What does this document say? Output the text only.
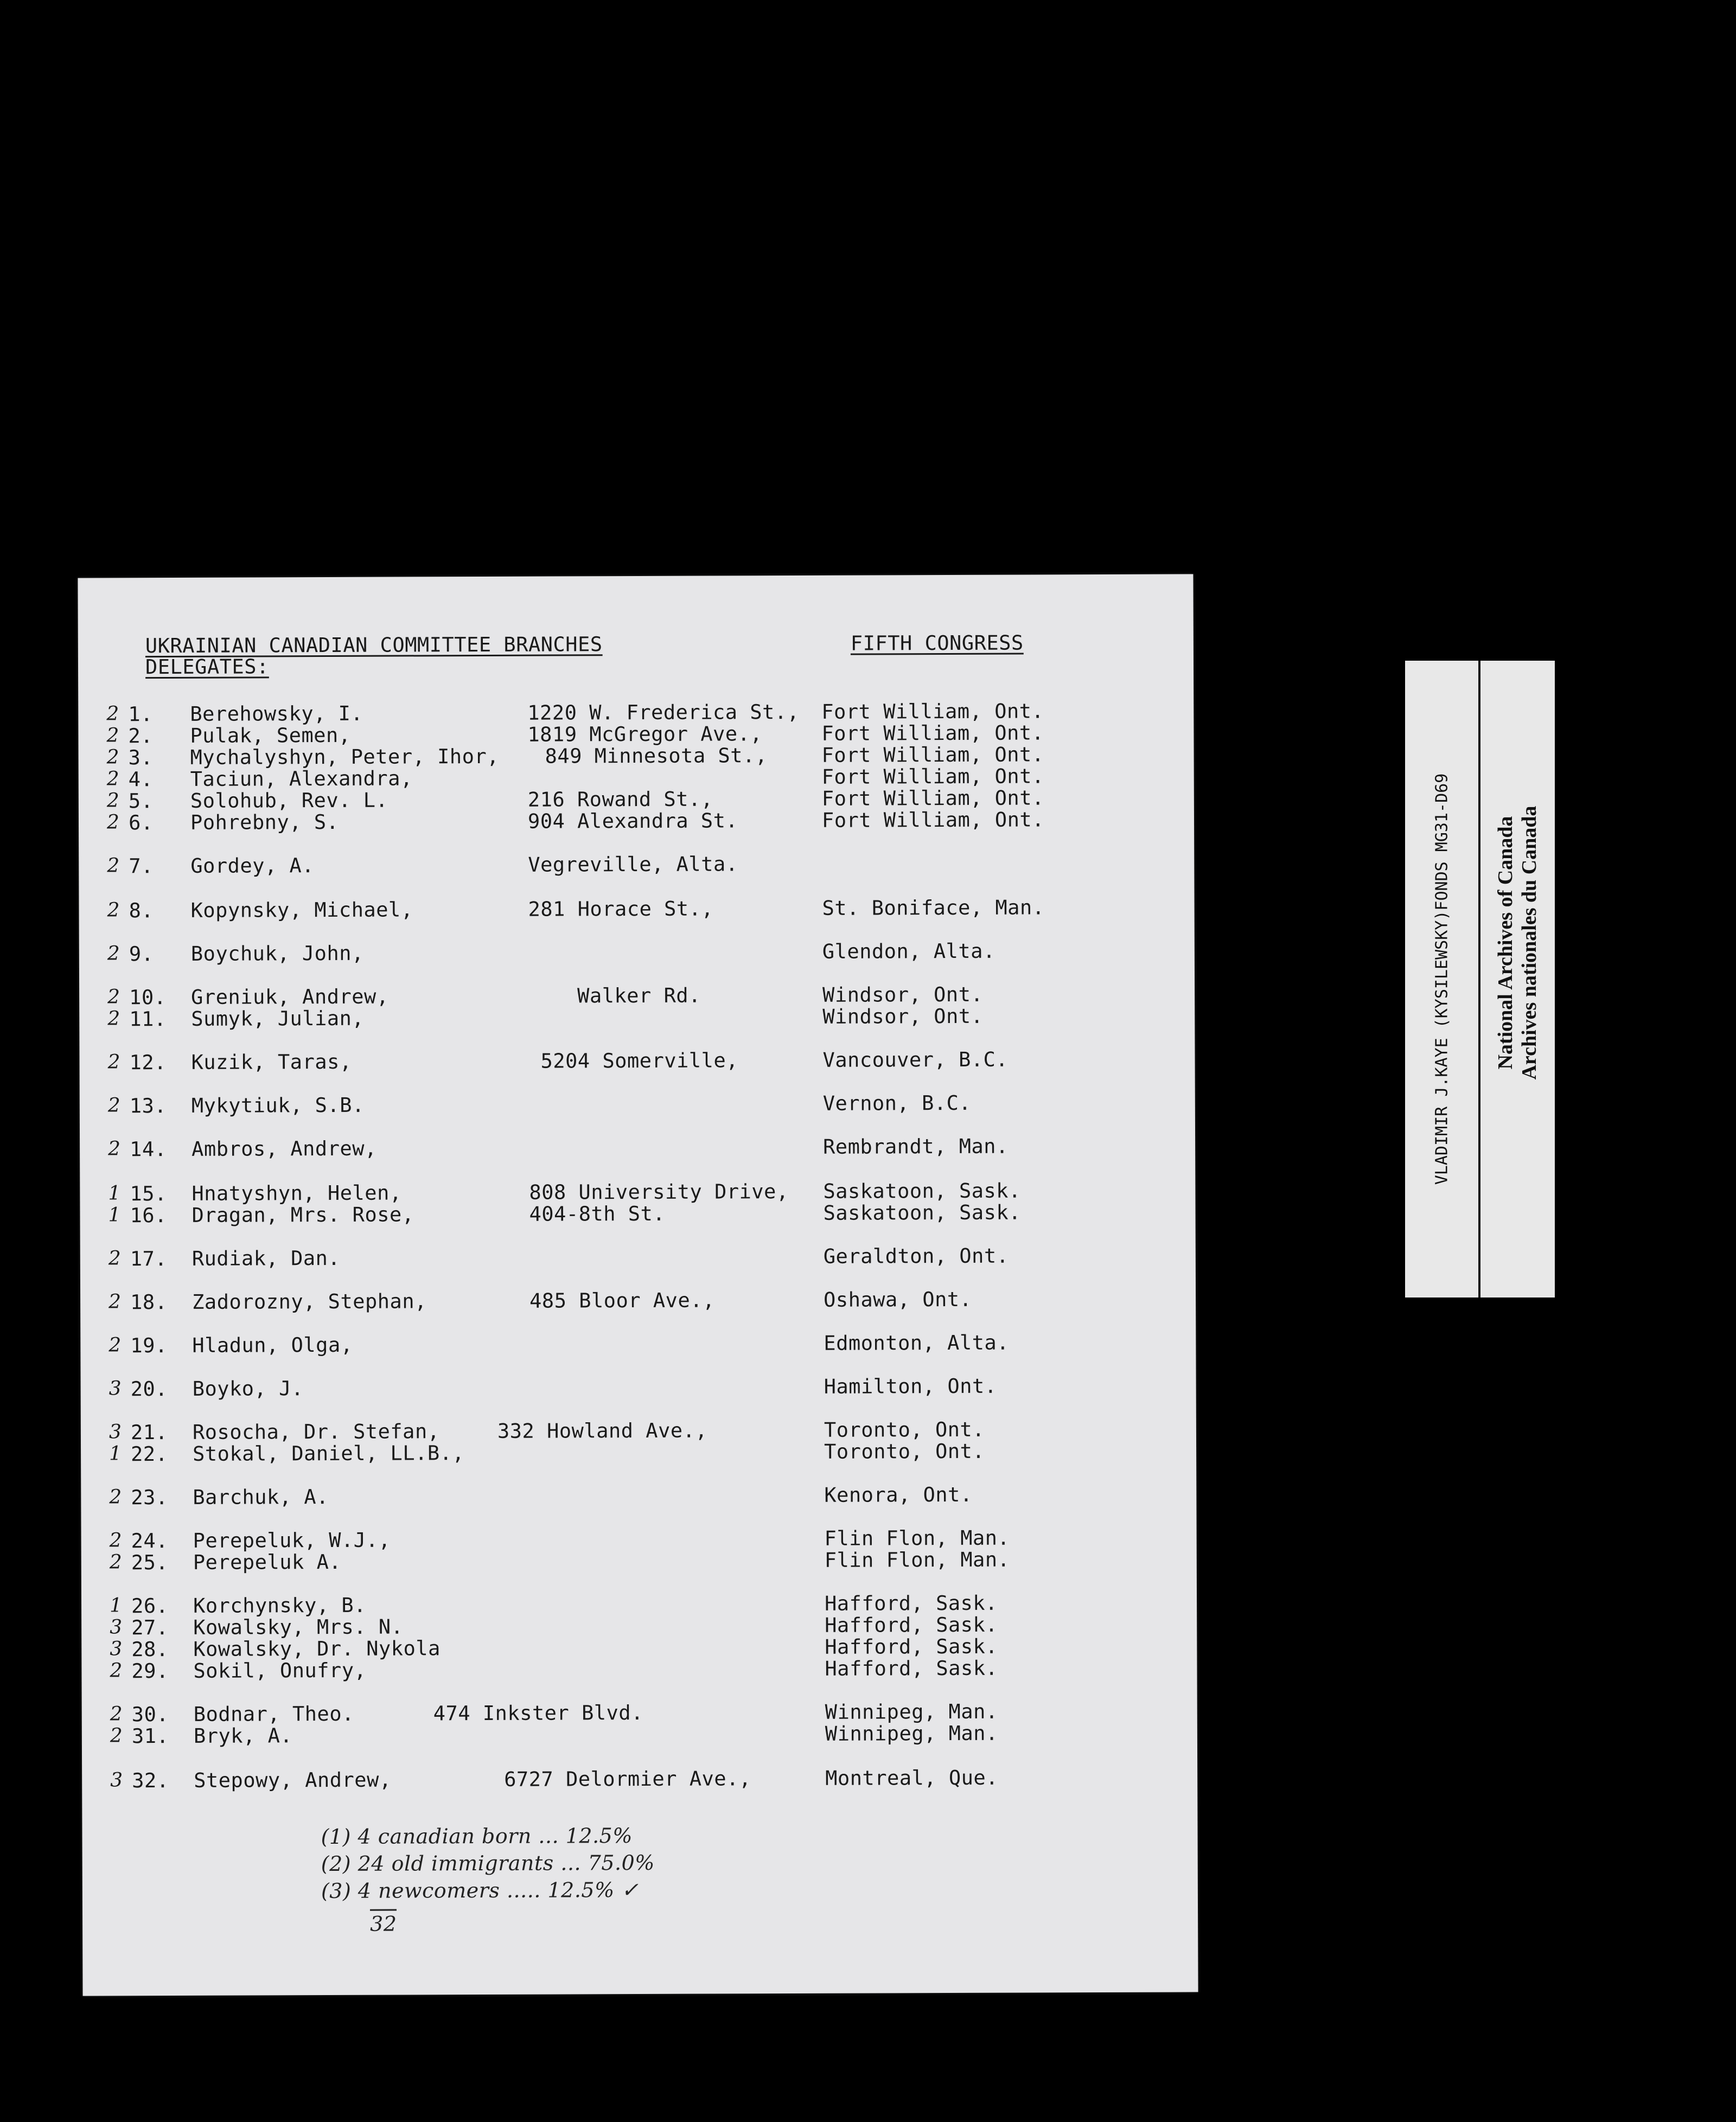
UKRAINIAN CANADIAN COMMITTEE BRANCHES
DELEGATES:
FIFTH CONGRESS
2 1. Berehowsky, I.	1220 W. Frederica St., Fort William, Ont.
2 2. Pulak, Semen,	1819 McGregor Ave.,	Fort William, Ont.
2 3. Mychalyshyn, Peter, Ihor, 849 Minnesota St.,	Fort William, Ont.
2 4. Taciun, Alexandra,	Fort William, Ont.
2 5. Solohub, Rev. L.	216 Rowand St.,	Fort William, Ont.
2 6. Pohrebny, S.	904 Alexandra St.	Fort William, Ont.
2 7. Gordey, A.	Vegreville, Alta.
2 8. Kopynsky, Michael,	281 Horace St.,	St. Boniface, Man.
2 9. Boychuk, John,	Glendon, Alta.
2 10. Greniuk, Andrew,	Walker Rd.	Windsor, Ont.
2 11. Sumyk, Julian,	Windsor, Ont.
2 12. Kuzik, Taras,	5204 Somerville,	Vancouver, B.C.
2 13. Mykytiuk, S.B.	Vernon, B.C.
2 14. Ambros, Andrew,	Rembrandt, Man.
1 15. Hnatyshyn, Helen,	808 University Drive, Saskatoon, Sask.
1 16. Dragan, Mrs. Rose,	404-8th St.	Saskatoon, Sask.
2 17. Rudiak, Dan.	Geraldton, Ont.
2 18. Zadorozny, Stephan,	485 Bloor Ave.,	Oshawa, Ont.
2 19. Hladun, Olga,	Edmonton, Alta.
3 20. Boyko, J.	Hamilton, Ont.
3 21. Rosocha, Dr. Stefan,	332 Howland Ave.,	Toronto, Ont.
1 22. Stokal, Daniel, LL.B.,	Toronto, Ont.
2 23. Barchuk, A.	Kenora, Ont.
2 24. Perepeluk, W.J.,	Flin Flon, Man.
2 25. Perepeluk A.	Flin Flon, Man.
1 26. Korchynsky, B.	Hafford, Sask.
3 27. Kowalsky, Mrs. N.	Hafford, Sask.
3 28. Kowalsky, Dr. Nykola	Hafford, Sask.
2 29. Sokil, Onufry,	Hafford, Sask.
2 30. Bodnar, Theo.	474 Inkster Blvd.	Winnipeg, Man.
2 31. Bryk, A.	Winnipeg, Man.
3 32. Stepowy, Andrew,	6727 Delormier Ave.,	Montreal, Que.
(1) 4 canadian born ... 12.5%
(2) 24 old immigrants ... 75.0%
(3) 4 newcomers ..... 12.5% ✓
32
VLADIMIR J.KAYE (KYSILEWSKY)FONDS MG31-D69 National Archives of Canada Archives nationales du Canada
